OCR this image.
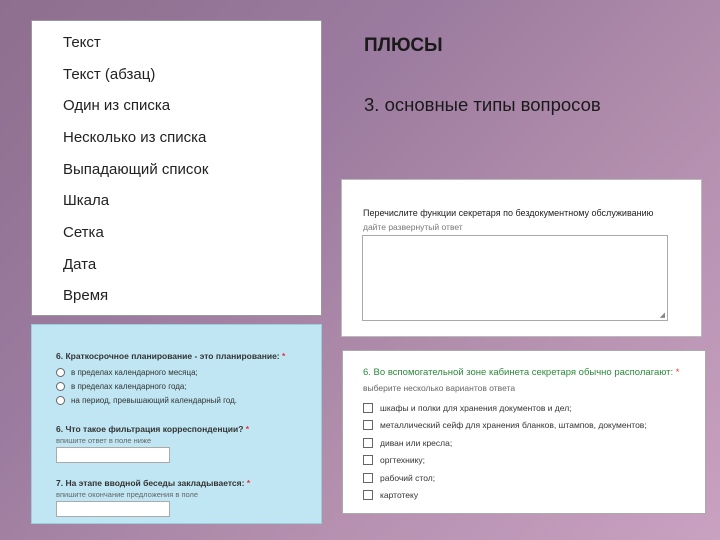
Текст
Текст (абзац)
Один из списка
Несколько из списка
Выпадающий список
Шкала
Сетка
Дата
Время
ПЛЮСЫ
3. основные типы вопросов
Перечислите функции секретаря по бездокументному обслуживанию
дайте развернутый ответ
◢
6. Краткосрочное планирование - это планирование: *
в пределах календарного месяца;
в пределах календарного года;
на период, превышающий календарный год.
6. Что такое фильтрация корреспонденции? *
впишите ответ в поле ниже
7. На этапе вводной беседы закладывается: *
впишите окончание предложения в поле
6. Во вспомогательной зоне кабинета секретаря обычно располагают: *
выберите несколько вариантов ответа
шкафы и полки для хранения документов и дел;
металлический сейф для хранения бланков, штампов, документов;
диван или кресла;
оргтехнику;
рабочий стол;
картотеку
